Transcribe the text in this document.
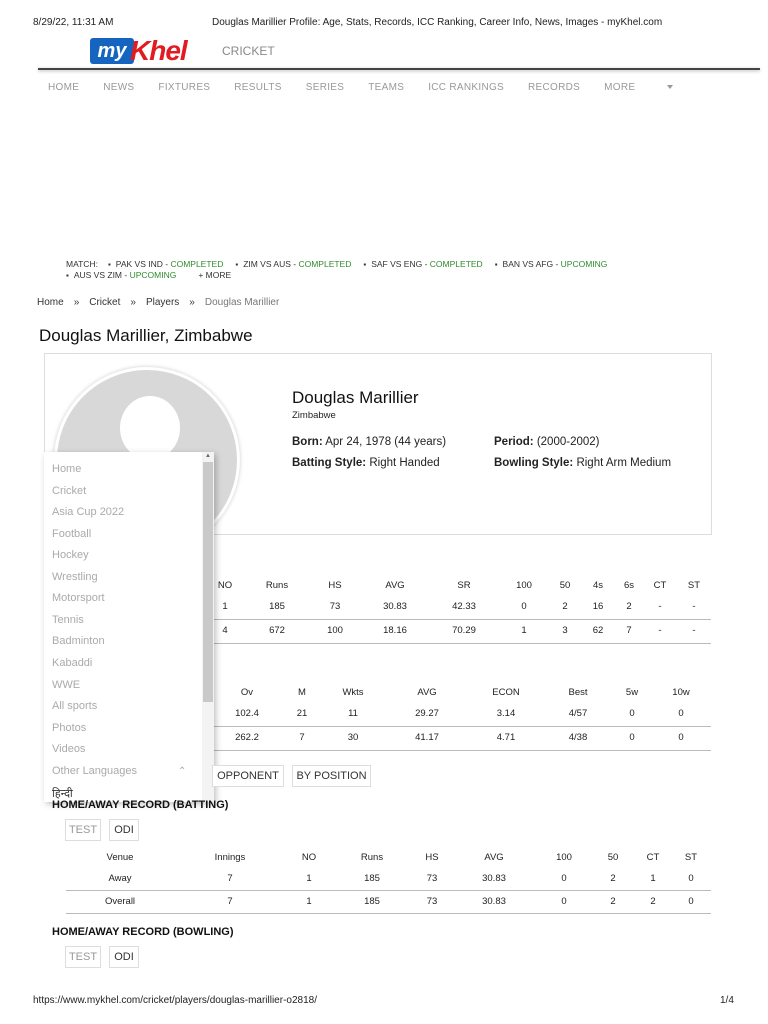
8/29/22, 11:31 AM	Douglas Marillier Profile: Age, Stats, Records, ICC Ranking, Career Info, News, Images - myKhel.com
my Khel	CRICKET
HOME NEWS FIXTURES RESULTS SERIES TEAMS ICC RANKINGS RECORDS MORE
MATCH:	▪ PAK VS IND - COMPLETED	▪ ZIM VS AUS - COMPLETED	▪ SAF VS ENG - COMPLETED	▪ BAN VS AFG - UPCOMING
▪ AUS VS ZIM - UPCOMING	+ MORE
Home » Cricket » Players » Douglas Marillier
Douglas Marillier, Zimbabwe
Douglas Marillier
Zimbabwe
Born: Apr 24, 1978 (44 years)	Period: (2000-2002)
Batting Style: Right Handed	Bowling Style: Right Arm Medium
NO	Runs	HS	AVG	SR	100	50	4s	6s	CT	ST
1	185	73	30.83	42.33	0	2	16	2	-	-
4	672	100	18.16	70.29	1	3	62	7	-	-
Ov	M	Wkts	AVG	ECON	Best	5w	10w
102.4	21	11	29.27	3.14	4/57	0	0
262.2	7	30	41.17	4.71	4/38	0	0
Home
Cricket
Asia Cup 2022
Football
Hockey
Wrestling
Motorsport
Tennis
Badminton
Kabaddi
WWE
All sports
Photos
Videos
Other Languages	⌃
हिन्दी
▲
OPPONENT	BY POSITION
HOME/AWAY RECORD (BATTING)
TEST	ODI
Venue	Innings	NO	Runs	HS	AVG	100	50	CT	ST
Away	7	1	185	73	30.83	0	2	1	0
Overall	7	1	185	73	30.83	0	2	2	0
HOME/AWAY RECORD (BOWLING)
TEST	ODI
https://www.mykhel.com/cricket/players/douglas-marillier-o2818/	1/4
